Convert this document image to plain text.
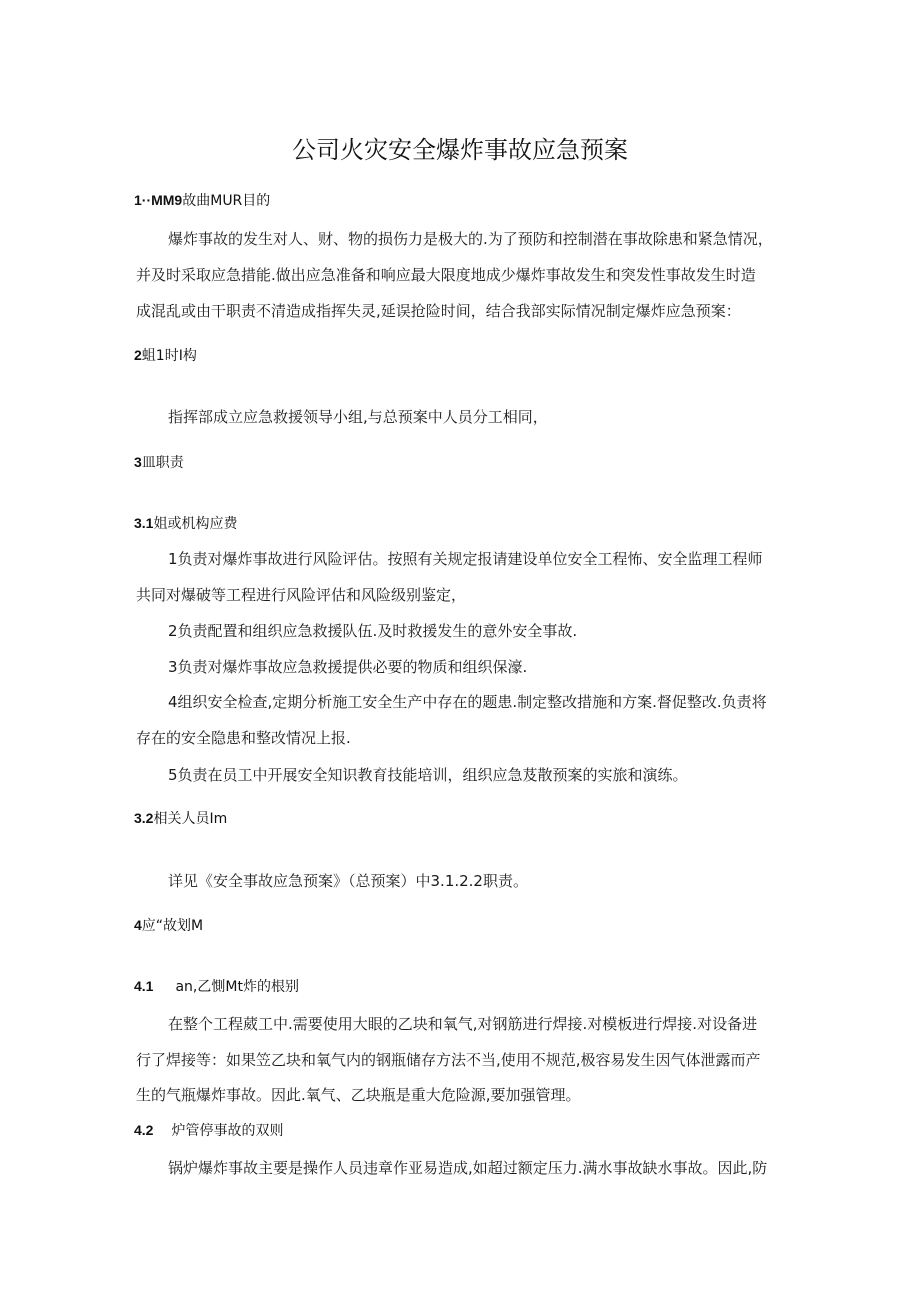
公司火灾安全爆炸事故应急预案
1··MM9故曲MUR目的
爆炸事故的发生对人、财、物的损伤力是极大的.为了预防和控制潜在事故除患和紧急情况，
并及时采取应急措能.做出应急准备和响应最大限度地成少爆炸事故发生和突发性事故发生时造
成混乱或由干职责不清造成指挥失灵,延误抢险时间，结合我部实际情况制定爆炸应急预案：
2蛆1时I构
指挥部成立应急救援领导小组,与总预案中人员分工相同，
3皿职责
3.1姐或机构应费
1负责对爆炸事故进行风险评估。按照有关规定报请建设单位安全工程怖、安全监理工程师
共同对爆破等工程进行风险评估和风险级别鉴定，
2负责配置和组织应急救援队伍.及时救援发生的意外安全事故.
3负责对爆炸事故应急救援提供必要的物质和组织保濠.
4组织安全检查,定期分析施工安全生产中存在的题患.制定整改措施和方案.督促整改.负责将
存在的安全隐患和整改情况上报.
5负责在员工中开展安全知识教育技能培训，组织应急芨散预案的实旅和演练。
3.2相关人员Im
详见《安全事故应急预案》（总预案）中3.1.2.2职责。
4应“故划M
4.1 an,乙惻Mt炸的根别
在整个工程葳工中.需要使用大眼的乙块和氧气,对钢筋进行焊接.对模板进行焊接.对设备进
行了焊接等：如果笠乙块和氧气内的钢瓶储存方法不当,使用不规范,极容易发生因气体泄露而产
生的气瓶爆炸事故。因此.氧气、乙块瓶是重大危险源,要加强管理。
4.2 炉管停事故的双则
锅炉爆炸事故主要是操作人员违章作亚易造成,如超过额定压力.满水事故缺水事故。因此,防
